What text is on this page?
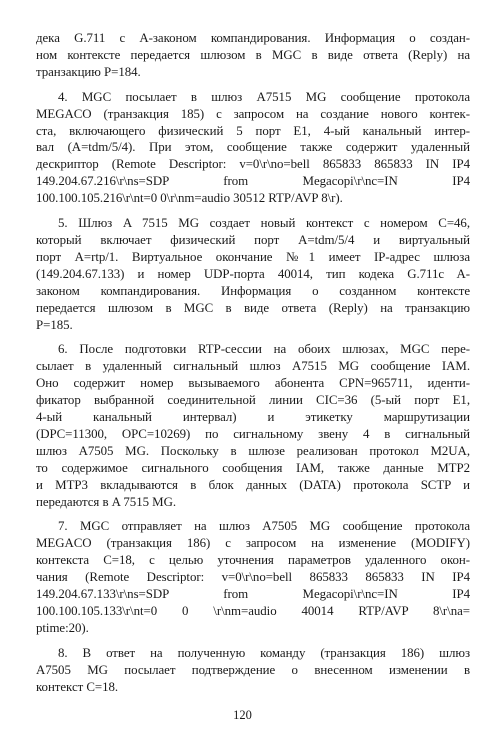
дека G.711 с A-законом компандирования. Информация о создан-
ном контексте передается шлюзом в MGC в виде ответа (Reply) на
транзакцию P=184.
4. MGC посылает в шлюз A7515 MG сообщение протокола
MEGACO (транзакция 185) с запросом на создание нового контек-
ста, включающего физический 5 порт E1, 4-ый канальный интер-
вал (A=tdm/5/4). При этом, сообщение также содержит удаленный
дескриптор (Remote Descriptor: v=0\r\no=bell 865833 865833 IN IP4
149.204.67.216\r\ns=SDP from Megacopi\r\nc=IN IP4
100.100.105.216\r\nt=0 0\r\nm=audio 30512 RTP/AVP 8\r).
5. Шлюз A 7515 MG создает новый контекст с номером C=46,
который включает физический порт A=tdm/5/4 и виртуальный
порт A=rtp/1. Виртуальное окончание №1 имеет IP-адрес шлюза
(149.204.67.133) и номер UDP-порта 40014, тип кодека G.711c A-
законом компандирования. Информация о созданном контексте
передается шлюзом в MGC в виде ответа (Reply) на транзакцию
P=185.
6. После подготовки RTP-сессии на обоих шлюзах, MGC пере-
сылает в удаленный сигнальный шлюз A7515 MG сообщение IAM.
Оно содержит номер вызываемого абонента CPN=965711, иденти-
фикатор выбранной соединительной линии CIC=36 (5-ый порт E1,
4-ый канальный интервал) и этикетку маршрутизации
(DPC=11300, OPC=10269) по сигнальному звену 4 в сигнальный
шлюз A7505 MG. Поскольку в шлюзе реализован протокол M2UA,
то содержимое сигнального сообщения IAM, также данные MTP2
и MTP3 вкладываются в блок данных (DATA) протокола SCTP и
передаются в A 7515 MG.
7. MGC отправляет на шлюз A7505 MG сообщение протокола
MEGACO (транзакция 186) с запросом на изменение (MODIFY)
контекста C=18, с целью уточнения параметров удаленного окон-
чания (Remote Descriptor: v=0\r\no=bell 865833 865833 IN IP4
149.204.67.133\r\ns=SDP from Megacopi\r\nc=IN IP4
100.100.105.133\r\nt=0 0 \r\nm=audio 40014 RTP/AVP 8\r\na=
ptime:20).
8. В ответ на полученную команду (транзакция 186) шлюз
A7505 MG посылает подтверждение о внесенном изменении в
контекст C=18.
120
